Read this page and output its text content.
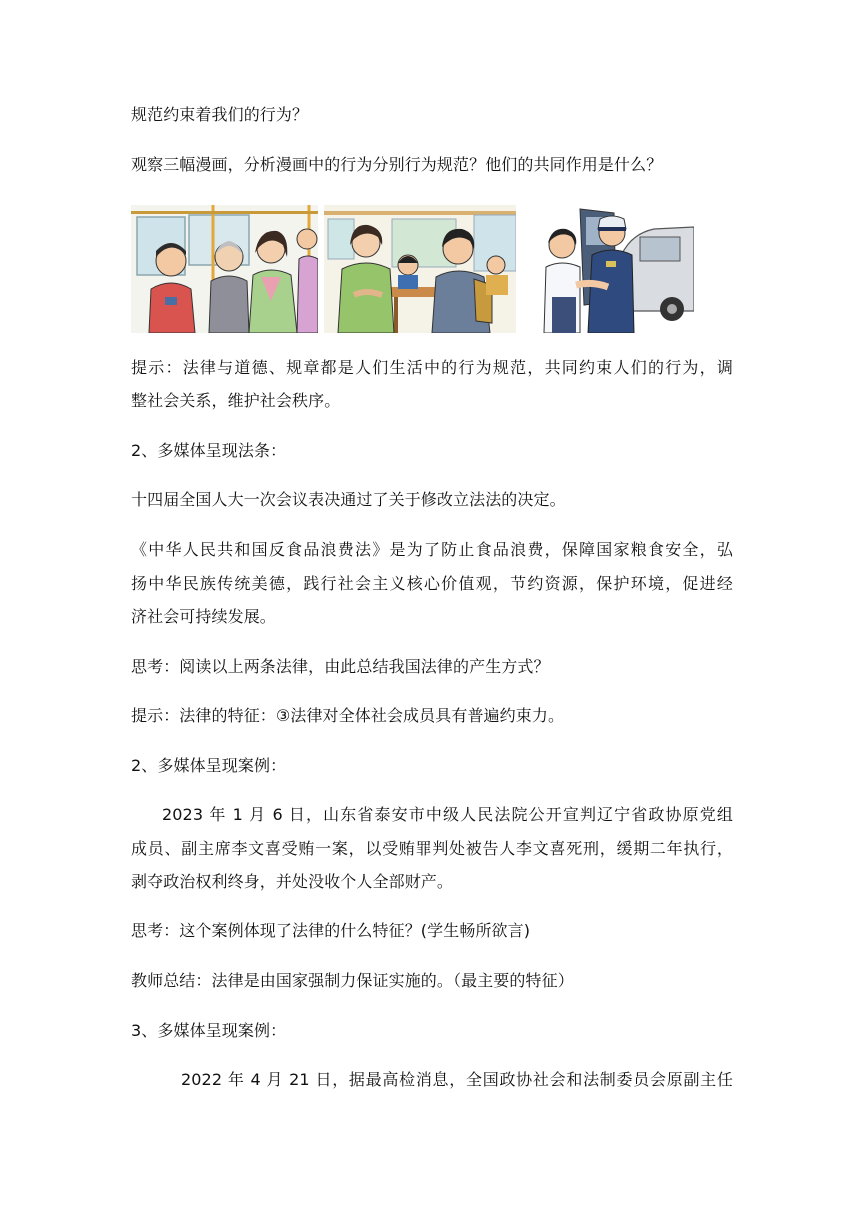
规范约束着我们的行为？
观察三幅漫画，分析漫画中的行为分别行为规范？他们的共同作用是什么？
提示：法律与道德、规章都是人们生活中的行为规范，共同约束人们的行为，调
整社会关系，维护社会秩序。
2、多媒体呈现法条：
十四届全国人大一次会议表决通过了关于修改立法法的决定。
《中华人民共和国反食品浪费法》是为了防止食品浪费，保障国家粮食安全，弘
扬中华民族传统美德，践行社会主义核心价值观，节约资源，保护环境，促进经
济社会可持续发展。
思考：阅读以上两条法律，由此总结我国法律的产生方式？
提示：法律的特征：③法律对全体社会成员具有普遍约束力。
2、多媒体呈现案例：
2023 年 1 月 6 日，山东省泰安市中级人民法院公开宣判辽宁省政协原党组
成员、副主席李文喜受贿一案，以受贿罪判处被告人李文喜死刑，缓期二年执行，
剥夺政治权利终身，并处没收个人全部财产。
思考：这个案例体现了法律的什么特征？(学生畅所欲言)
教师总结：法律是由国家强制力保证实施的。（最主要的特征）
3、多媒体呈现案例：
2022 年 4 月 21 日，据最高检消息，全国政协社会和法制委员会原副主任
